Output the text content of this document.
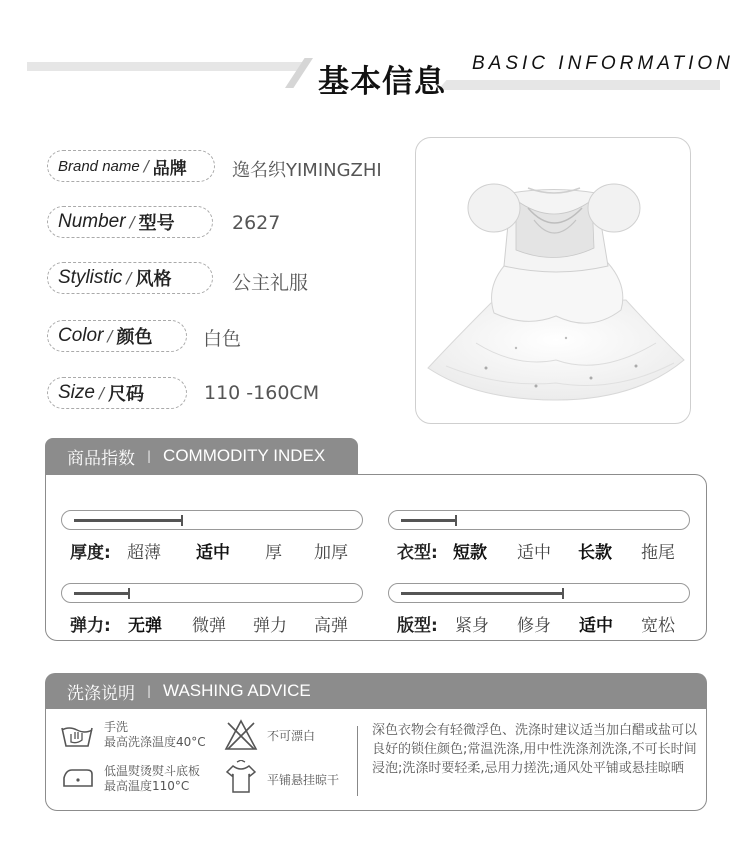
基本信息
BASIC INFORMATION
Brand name / 品牌	逸名织YIMINGZHI
Number / 型号	2627
Stylistic / 风格	公主礼服
Color / 颜色	白色
Size / 尺码	110 -160CM
商品指数 | COMMODITY INDEX
厚度: 超薄 适中 厚 加厚	衣型: 短款 适中 长款 拖尾
弹力: 无弹 微弹 弹力 高弹	版型: 紧身 修身 适中 宽松
洗涤说明 | WASHING ADVICE
手洗
最高洗涤温度40°C	不可漂白
低温熨烫熨斗底板
最高温度110°C	平铺悬挂晾干
深色衣物会有轻微浮色、洗涤时建议适当加白醋或盐可以良好的锁住颜色;常温洗涤,用中性洗涤剂洗涤,不可长时间浸泡;洗涤时要轻柔,忌用力搓洗;通风处平铺或悬挂晾晒
